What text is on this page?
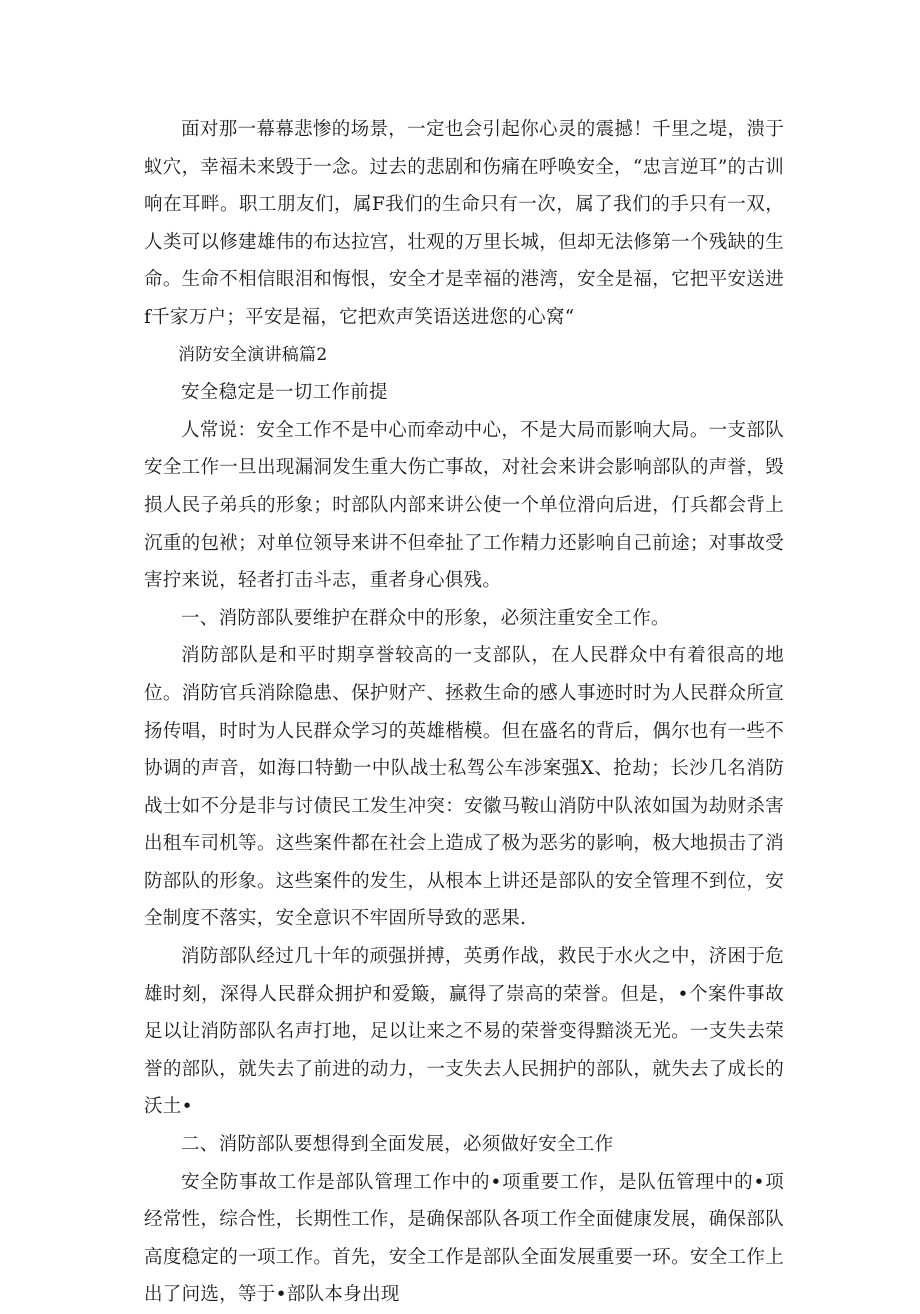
面对那一幕幕悲惨的场景，一定也会引起你心灵的震撼！千里之堤，溃于蚁穴，幸福未来毁于一念。过去的悲剧和伤痛在呼唤安全，“忠言逆耳”的古训响在耳畔。职工朋友们，属F我们的生命只有一次，属了我们的手只有一双，人类可以修建雄伟的布达拉宫，壮观的万里长城，但却无法修第一个残缺的生命。生命不相信眼泪和悔恨，安全才是幸福的港湾，安全是福，它把平安送进f千家万户；平安是福，它把欢声笑语送进您的心窝“

消防安全演讲稿篇2

安全稳定是一切工作前提

人常说：安全工作不是中心而牵动中心，不是大局而影响大局。一支部队安全工作一旦出现漏洞发生重大伤亡事故，对社会来讲会影响部队的声誉，毁损人民子弟兵的形象；时部队内部来讲公使一个单位滑向后进，仃兵都会背上沉重的包袱；对单位领导来讲不但牵扯了工作精力还影响自己前途；对事故受害拧来说，轻者打击斗志，重者身心俱残。

一、消防部队要维护在群众中的形象，必须注重安全工作。

消防部队是和平时期享誉较高的一支部队，在人民群众中有着很高的地位。消防官兵消除隐患、保护财产、拯救生命的感人事迹时时为人民群众所宣扬传唱，时时为人民群众学习的英雄楷模。但在盛名的背后，偶尔也有一些不协调的声音，如海口特勤一中队战士私驾公车涉案强X、抢劫；长沙几名消防战士如不分是非与讨债民工发生冲突：安徽马鞍山消防中队浓如国为劫财杀害出租车司机等。这些案件都在社会上造成了极为恶劣的影响，极大地损击了消防部队的形象。这些案件的发生，从根本上讲还是部队的安全管理不到位，安全制度不落实，安全意识不牢固所导致的恶果.

消防部队经过几十年的顽强拼搏，英勇作战，救民于水火之中，济困于危雄时刻，深得人民群众拥护和爱簸，赢得了崇高的荣誉。但是，•个案件事故足以让消防部队名声打地，足以让来之不易的荣誉变得黯淡无光。一支失去荣誉的部队，就失去了前进的动力，一支失去人民拥护的部队，就失去了成长的沃土•

二、消防部队要想得到全面发展，必须做好安全工作

安全防事故工作是部队管理工作中的•项重要工作，是队伍管理中的•项经常性，综合性，长期性工作，是确保部队各项工作全面健康发展，确保部队高度稳定的一项工作。首先，安全工作是部队全面发展重要一环。安全工作上出了问选，等于•部队本身出现
